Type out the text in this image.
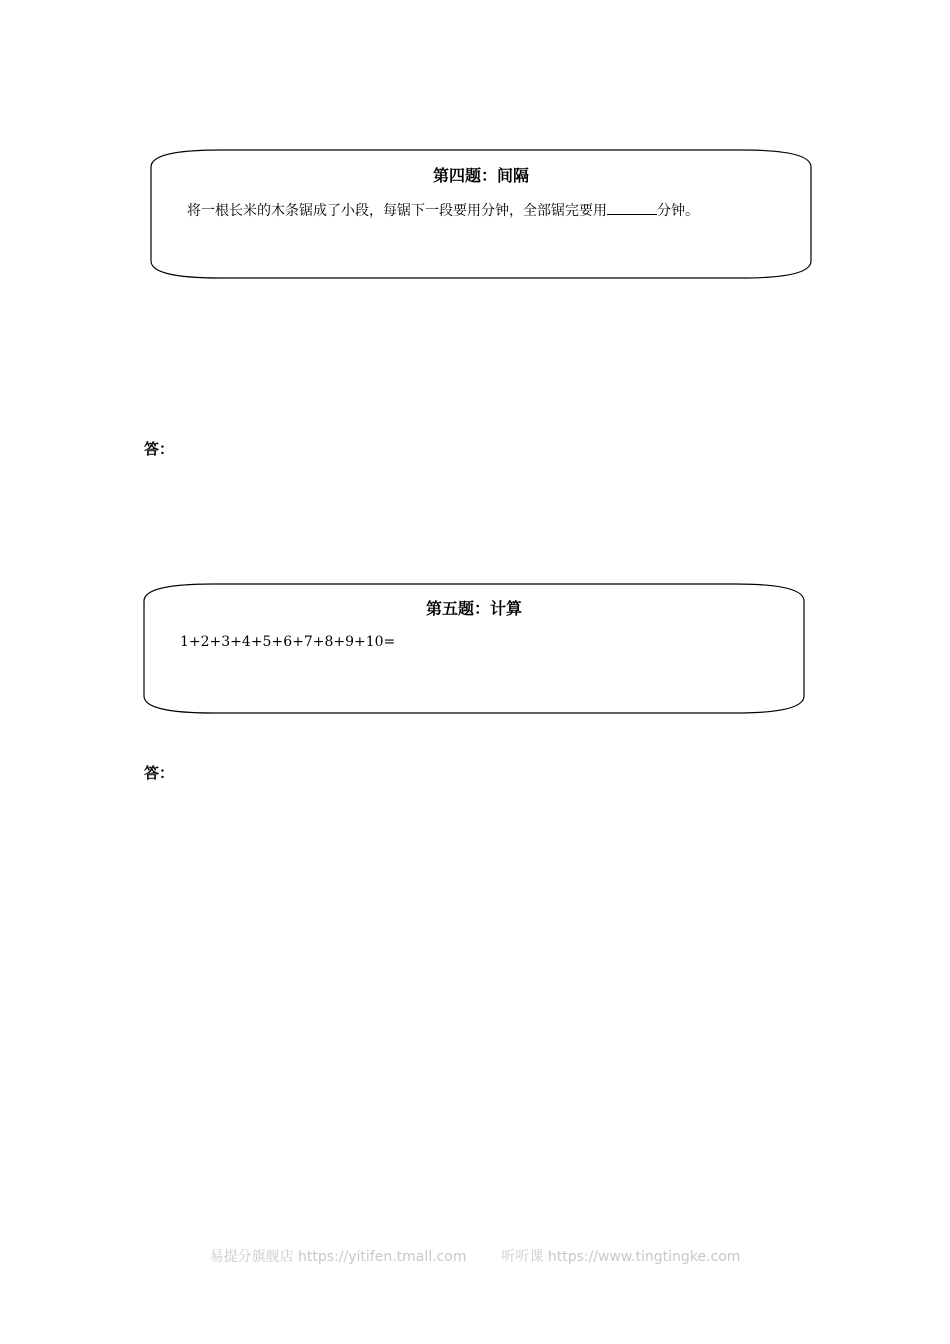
第四题：间隔
将一根长米的木条锯成了小段，每锯下一段要用分钟，全部锯完要用	分钟。
答：
第五题：计算
1+2+3+4+5+6+7+8+9+10=
答：
易提分旗舰店 https://yitifen.tmall.com 听听课 https://www.tingtingke.com
